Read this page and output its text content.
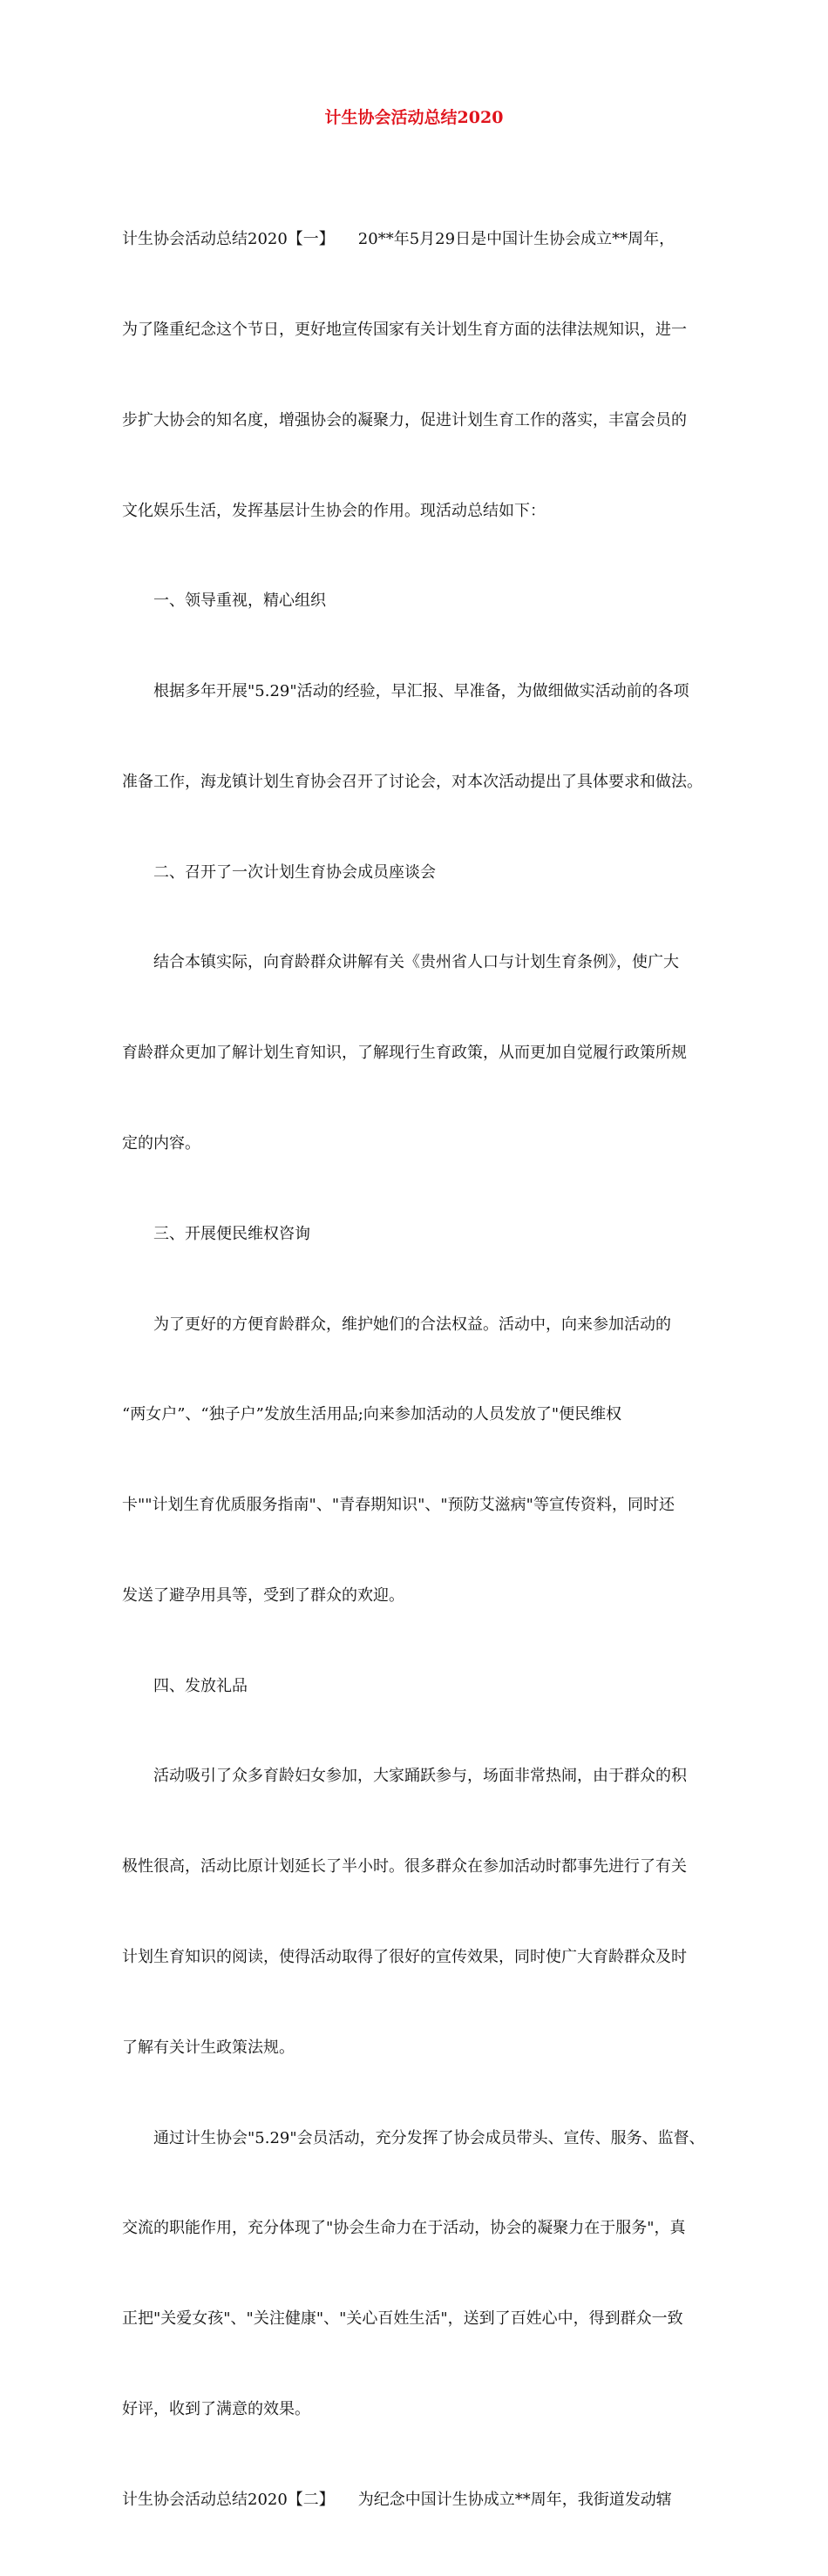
计生协会活动总结2020

计生协会活动总结2020【一】　　20**年5月29日是中国计生协会成立**周年，

为了隆重纪念这个节日，更好地宣传国家有关计划生育方面的法律法规知识，进一

步扩大协会的知名度，增强协会的凝聚力，促进计划生育工作的落实，丰富会员的

文化娱乐生活，发挥基层计生协会的作用。现活动总结如下：

一、领导重视，精心组织

根据多年开展"5.29"活动的经验，早汇报、早准备，为做细做实活动前的各项

准备工作，海龙镇计划生育协会召开了讨论会，对本次活动提出了具体要求和做法。

二、召开了一次计划生育协会成员座谈会

结合本镇实际，向育龄群众讲解有关《贵州省人口与计划生育条例》，使广大

育龄群众更加了解计划生育知识，了解现行生育政策，从而更加自觉履行政策所规

定的内容。

三、开展便民维权咨询

为了更好的方便育龄群众，维护她们的合法权益。活动中，向来参加活动的

“两女户”、“独子户”发放生活用品;向来参加活动的人员发放了"便民维权

卡""计划生育优质服务指南"、"青春期知识"、"预防艾滋病"等宣传资料，同时还

发送了避孕用具等，受到了群众的欢迎。

四、发放礼品

活动吸引了众多育龄妇女参加，大家踊跃参与，场面非常热闹，由于群众的积

极性很高，活动比原计划延长了半小时。很多群众在参加活动时都事先进行了有关

计划生育知识的阅读，使得活动取得了很好的宣传效果，同时使广大育龄群众及时

了解有关计生政策法规。

通过计生协会"5.29"会员活动，充分发挥了协会成员带头、宣传、服务、监督、

交流的职能作用，充分体现了"协会生命力在于活动，协会的凝聚力在于服务"，真

正把"关爱女孩"、"关注健康"、"关心百姓生活"，送到了百姓心中，得到群众一致

好评，收到了满意的效果。

计生协会活动总结2020【二】　　为纪念中国计生协成立**周年，我街道发动辖
